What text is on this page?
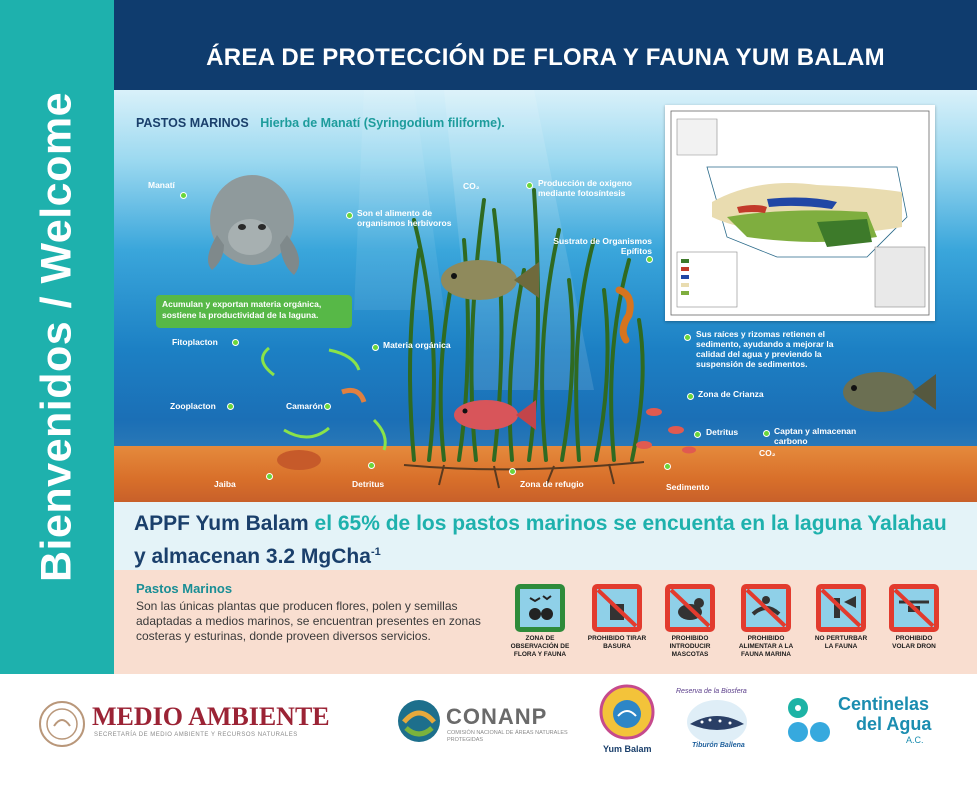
Bienvenidos / Welcome
ÁREA DE PROTECCIÓN DE FLORA Y FAUNA YUM BALAM
PASTOS MARINOS Hierba de Manatí (Syringodium filiforme).
Manatí
Son el alimento de organismos herbívoros
CO₂	Producción de oxigeno mediante fotosíntesis
Sustrato de Organismos Epífitos
Acumulan y exportan materia orgánica, sostiene la productividad de la laguna.
Fitoplacton	Materia orgánica
Zooplacton	Camarón
Sus raíces y rizomas retienen el sedimento, ayudando a mejorar la calidad del agua y previendo la suspensión de sedimentos.
Zona de Crianza
Detritus	Captan y almacenan carbono
CO₂
Jaiba	Detritus	Zona de refugio	Sedimento
APPF Yum Balam el 65% de los pastos marinos se encuenta en la laguna Yalahau y almacenan 3.2 MgCha$^{-1}$
Pastos Marinos
Son las únicas plantas que producen flores, polen y semillas adaptadas a medios marinos, se encuentran presentes en zonas costeras y esturinas, donde proveen diversos servicios.	ZONA DE OBSERVACIÓN DE FLORA Y FAUNA
PROHIBIDO TIRAR BASURA
PROHIBIDO INTRODUCIR MASCOTAS
PROHIBIDO ALIMENTAR A LA FAUNA MARINA
NO PERTURBAR LA FAUNA
PROHIBIDO VOLAR DRON
MEDIO AMBIENTE
SECRETARÍA DE MEDIO AMBIENTE Y RECURSOS NATURALES
CONANP
COMISIÓN NACIONAL DE ÁREAS NATURALES PROTEGIDAS
Yum Balam
Reserva de la Biosfera
Tiburón Ballena
Centinelas
del Agua
A.C.
